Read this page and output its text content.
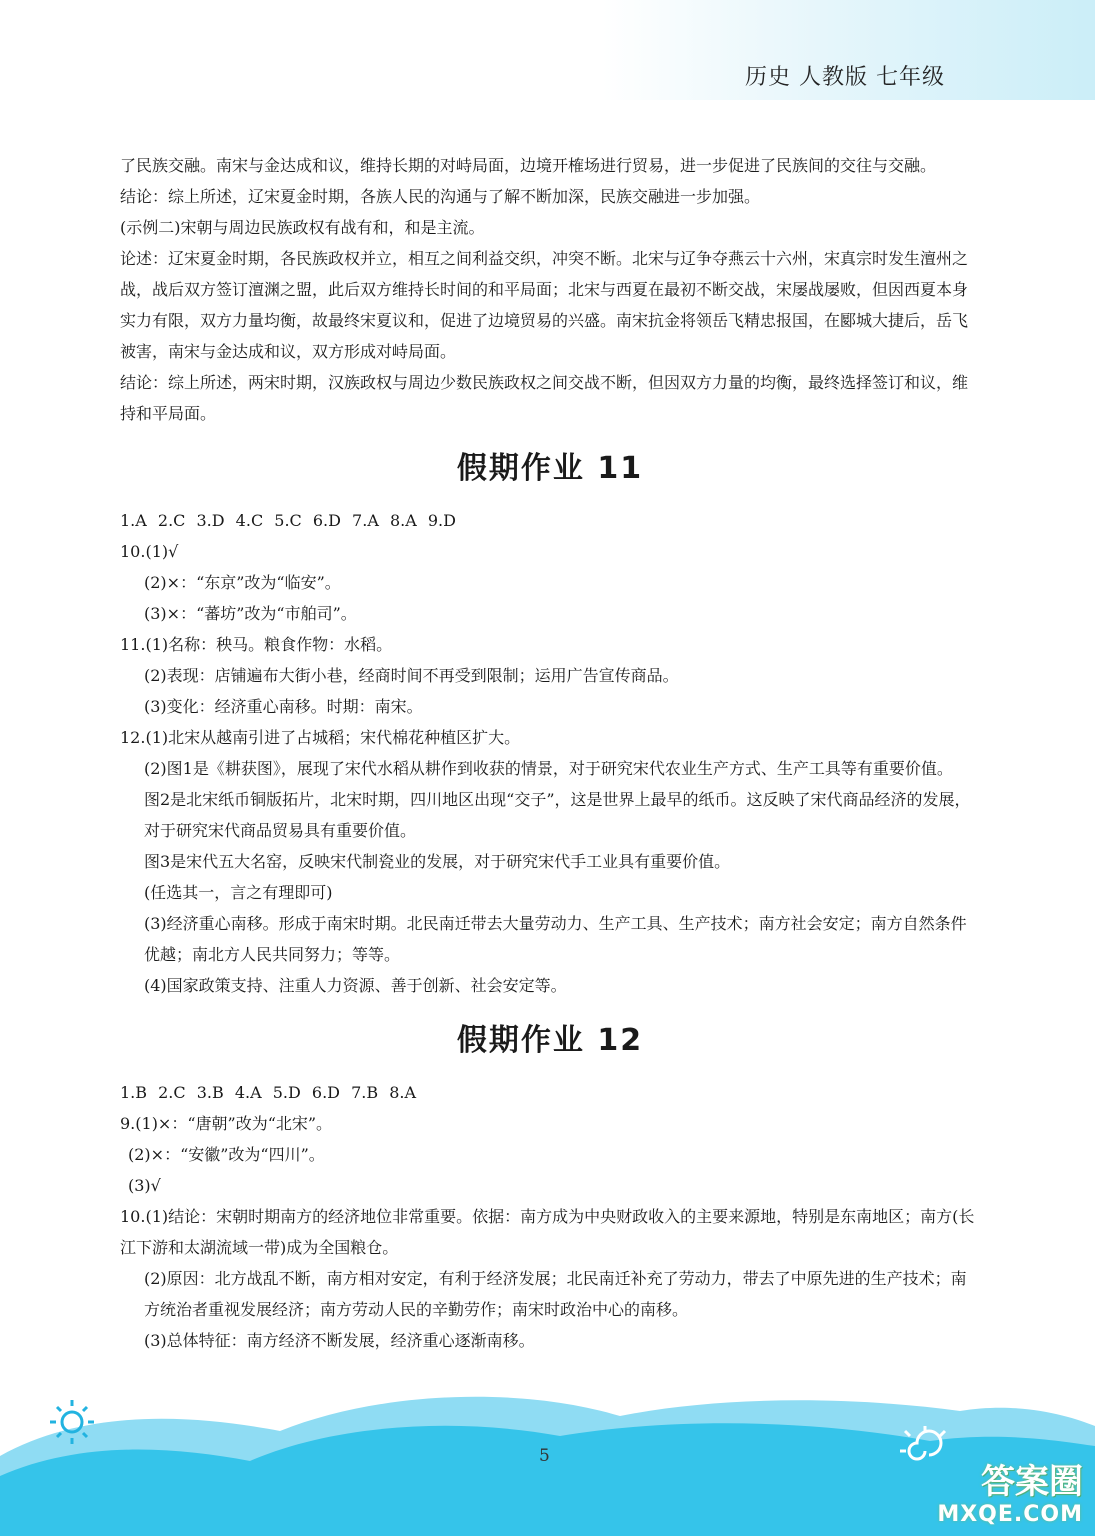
历史 人教版 七年级

了民族交融。南宋与金达成和议，维持长期的对峙局面，边境开榷场进行贸易，进一步促进了民族间的交往与交融。

结论：综上所述，辽宋夏金时期，各族人民的沟通与了解不断加深，民族交融进一步加强。

(示例二)宋朝与周边民族政权有战有和，和是主流。

论述：辽宋夏金时期，各民族政权并立，相互之间利益交织，冲突不断。北宋与辽争夺燕云十六州，宋真宗时发生澶州之战，战后双方签订澶渊之盟，此后双方维持长时间的和平局面；北宋与西夏在最初不断交战，宋屡战屡败，但因西夏本身实力有限，双方力量均衡，故最终宋夏议和，促进了边境贸易的兴盛。南宋抗金将领岳飞精忠报国，在郾城大捷后，岳飞被害，南宋与金达成和议，双方形成对峙局面。

结论：综上所述，两宋时期，汉族政权与周边少数民族政权之间交战不断，但因双方力量的均衡，最终选择签订和议，维持和平局面。

假期作业 11

1.A 2.C 3.D 4.C 5.C 6.D 7.A 8.A 9.D

10.(1)√

(2)×：“东京”改为“临安”。

(3)×：“蕃坊”改为“市舶司”。

11.(1)名称：秧马。粮食作物：水稻。

(2)表现：店铺遍布大街小巷，经商时间不再受到限制；运用广告宣传商品。

(3)变化：经济重心南移。时期：南宋。

12.(1)北宋从越南引进了占城稻；宋代棉花种植区扩大。

(2)图1是《耕获图》，展现了宋代水稻从耕作到收获的情景，对于研究宋代农业生产方式、生产工具等有重要价值。

图2是北宋纸币铜版拓片，北宋时期，四川地区出现“交子”，这是世界上最早的纸币。这反映了宋代商品经济的发展，对于研究宋代商品贸易具有重要价值。

图3是宋代五大名窑，反映宋代制瓷业的发展，对于研究宋代手工业具有重要价值。

(任选其一，言之有理即可)

(3)经济重心南移。形成于南宋时期。北民南迁带去大量劳动力、生产工具、生产技术；南方社会安定；南方自然条件优越；南北方人民共同努力；等等。

(4)国家政策支持、注重人力资源、善于创新、社会安定等。

假期作业 12

1.B 2.C 3.B 4.A 5.D 6.D 7.B 8.A

9.(1)×：“唐朝”改为“北宋”。

(2)×：“安徽”改为“四川”。

(3)√

10.(1)结论：宋朝时期南方的经济地位非常重要。依据：南方成为中央财政收入的主要来源地，特别是东南地区；南方(长江下游和太湖流域一带)成为全国粮仓。

(2)原因：北方战乱不断，南方相对安定，有利于经济发展；北民南迁补充了劳动力，带去了中原先进的生产技术；南方统治者重视发展经济；南方劳动人民的辛勤劳作；南宋时政治中心的南移。

(3)总体特征：南方经济不断发展，经济重心逐渐南移。

5
答案圈
MXQE.COM
